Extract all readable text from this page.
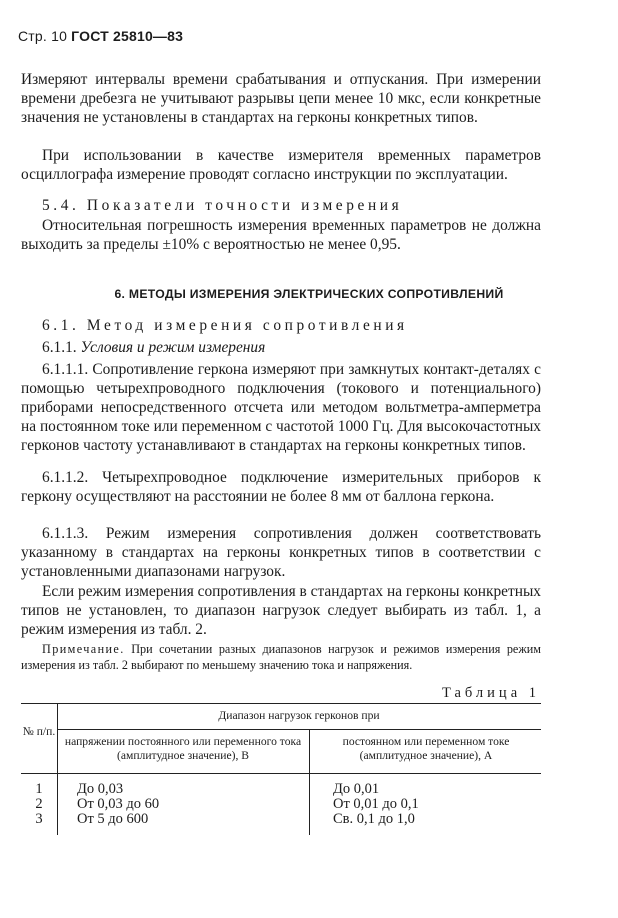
Стр. 10 ГОСТ 25810—83

Измеряют интервалы времени срабатывания и отпускания. При измерении времени дребезга не учитывают разрывы цепи менее 10 мкс, если конкретные значения не установлены в стандартах на герконы конкретных типов.

При использовании в качестве измерителя временных параметров осциллографа измерение проводят согласно инструкции по эксплуатации.

5.4. Показатели точности измерения

Относительная погрешность измерения временных параметров не должна выходить за пределы ±10% с вероятностью не менее 0,95.

6. МЕТОДЫ ИЗМЕРЕНИЯ ЭЛЕКТРИЧЕСКИХ СОПРОТИВЛЕНИЙ

6.1. Метод измерения сопротивления

6.1.1. Условия и режим измерения

6.1.1.1. Сопротивление геркона измеряют при замкнутых контакт-деталях с помощью четырехпроводного подключения (токового и потенциального) приборами непосредственного отсчета или методом вольтметра-амперметра на постоянном токе или переменном с частотой 1000 Гц. Для высокочастотных герконов частоту устанавливают в стандартах на герконы конкретных типов.

6.1.1.2. Четырехпроводное подключение измерительных приборов к геркону осуществляют на расстоянии не более 8 мм от баллона геркона.

6.1.1.3. Режим измерения сопротивления должен соответствовать указанному в стандартах на герконы конкретных типов в соответствии с установленными диапазонами нагрузок.

Если режим измерения сопротивления в стандартах на герконы конкретных типов не установлен, то диапазон нагрузок следует выбирать из табл. 1, а режим измерения из табл. 2.

Примечание. При сочетании разных диапазонов нагрузок и режимов измерения режим измерения из табл. 2 выбирают по меньшему значению тока и напряжения.
Таблица 1
№ п/п.
Диапазон нагрузок герконов при
напряжении постоянного или переменного тока (амплитудное значение), В
постоянном или переменном токе (амплитудное значение), А
1	До 0,03	До 0,01
2	От 0,03 до 60	От 0,01 до 0,1
3	От 5 до 600	Св. 0,1 до 1,0
